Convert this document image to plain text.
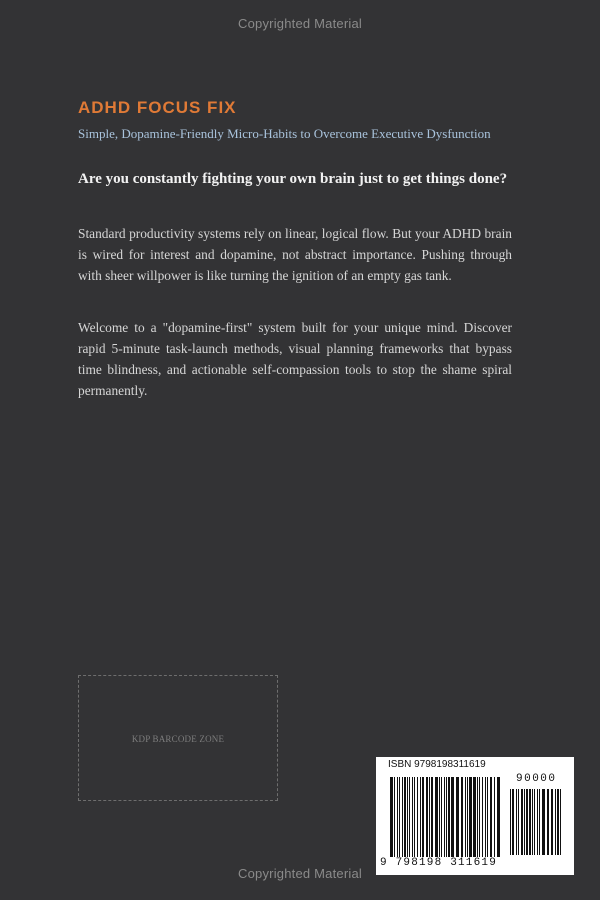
Copyrighted Material
ADHD FOCUS FIX
Simple, Dopamine-Friendly Micro-Habits to Overcome Executive Dysfunction
Are you constantly fighting your own brain just to get things done?

Standard productivity systems rely on linear, logical flow. But your ADHD brain is wired for interest and dopamine, not abstract importance. Pushing through with sheer willpower is like turning the ignition of an empty gas tank.

Welcome to a "dopamine-first" system built for your unique mind. Discover rapid 5-minute task-launch methods, visual planning frameworks that bypass time blindness, and actionable self-compassion tools to stop the shame spiral permanently.

KDP BARCODE ZONE
ISBN 9798198311619
90000
9 798198 311619
Copyrighted Material
